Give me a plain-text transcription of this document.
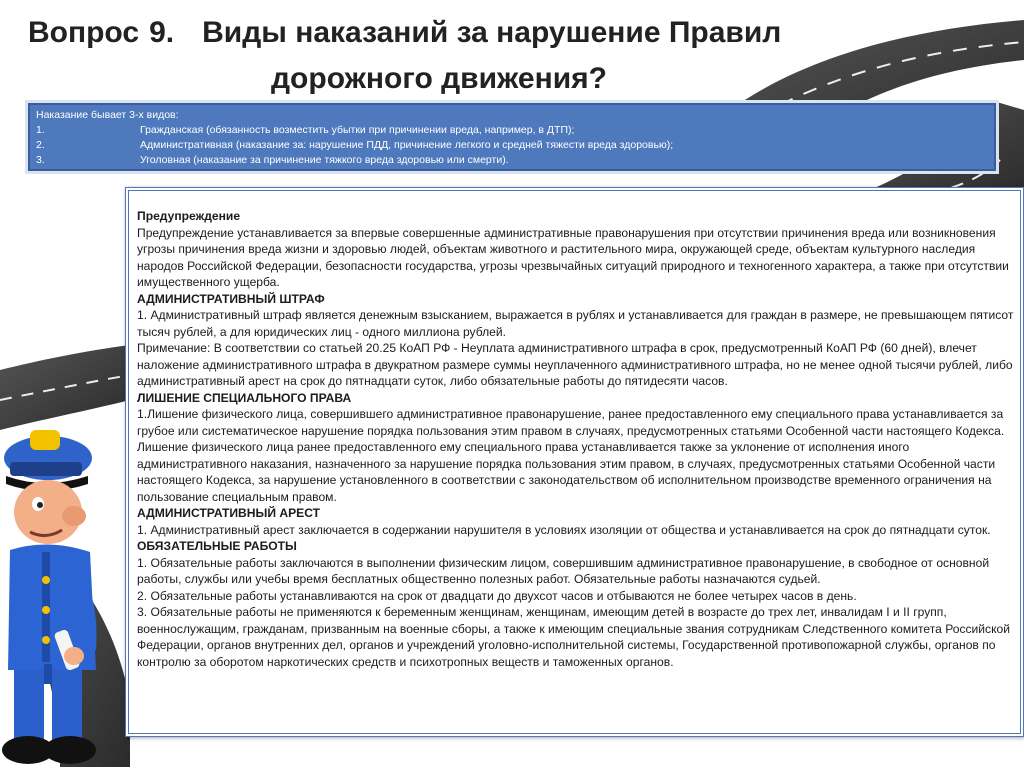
Вопрос 9. Виды наказаний за нарушение Правил
дорожного движения?
Наказание бывает 3-х видов:
1.	Гражданская (обязанность возместить убытки при причинении вреда, например, в ДТП);
2.	Административная (наказание за: нарушение ПДД, причинение легкого и средней тяжести вреда здоровью);
3.	Уголовная (наказание за причинение тяжкого вреда здоровью или смерти).

Предупреждение

Предупреждение устанавливается за впервые совершенные административные правонарушения при отсутствии причинения вреда или возникновения угрозы причинения вреда жизни и здоровью людей, объектам животного и растительного мира, окружающей среде, объектам культурного наследия народов Российской Федерации, безопасности государства, угрозы чрезвычайных ситуаций природного и техногенного характера, а также при отсутствии имущественного ущерба.

АДМИНИСТРАТИВНЫЙ ШТРАФ

1. Административный штраф является денежным взысканием, выражается в рублях и устанавливается для граждан в размере, не превышающем пятисот тысяч рублей, а для юридических лиц - одного миллиона рублей.

Примечание: В соответствии со статьей 20.25 КоАП РФ - Неуплата административного штрафа в срок, предусмотренный КоАП РФ (60 дней), влечет наложение административного штрафа в двукратном размере суммы неуплаченного административного штрафа, но не менее одной тысячи рублей, либо административный арест на срок до пятнадцати суток, либо обязательные работы до пятидесяти часов.

ЛИШЕНИЕ СПЕЦИАЛЬНОГО ПРАВА

1.Лишение физического лица, совершившего административное правонарушение, ранее предоставленного ему специального права устанавливается за грубое или систематическое нарушение порядка пользования этим правом в случаях, предусмотренных статьями Особенной части настоящего Кодекса. Лишение физического лица ранее предоставленного ему специального права устанавливается также за уклонение от исполнения иного административного наказания, назначенного за нарушение порядка пользования этим правом, в случаях, предусмотренных статьями Особенной части настоящего Кодекса, за нарушение установленного в соответствии с законодательством об исполнительном производстве временного ограничения на пользование специальным правом.

АДМИНИСТРАТИВНЫЙ АРЕСТ

1. Административный арест заключается в содержании нарушителя в условиях изоляции от общества и устанавливается на срок до пятнадцати суток.

ОБЯЗАТЕЛЬНЫЕ РАБОТЫ

1. Обязательные работы заключаются в выполнении физическим лицом, совершившим административное правонарушение, в свободное от основной работы, службы или учебы время бесплатных общественно полезных работ. Обязательные работы назначаются судьей.

2. Обязательные работы устанавливаются на срок от двадцати до двухсот часов и отбываются не более четырех часов в день.

3. Обязательные работы не применяются к беременным женщинам, женщинам, имеющим детей в возрасте до трех лет, инвалидам I и II групп, военнослужащим, гражданам, призванным на военные сборы, а также к имеющим специальные звания сотрудникам Следственного комитета Российской Федерации, органов внутренних дел, органов и учреждений уголовно-исполнительной системы, Государственной противопожарной службы, органов по контролю за оборотом наркотических средств и психотропных веществ и таможенных органов.
